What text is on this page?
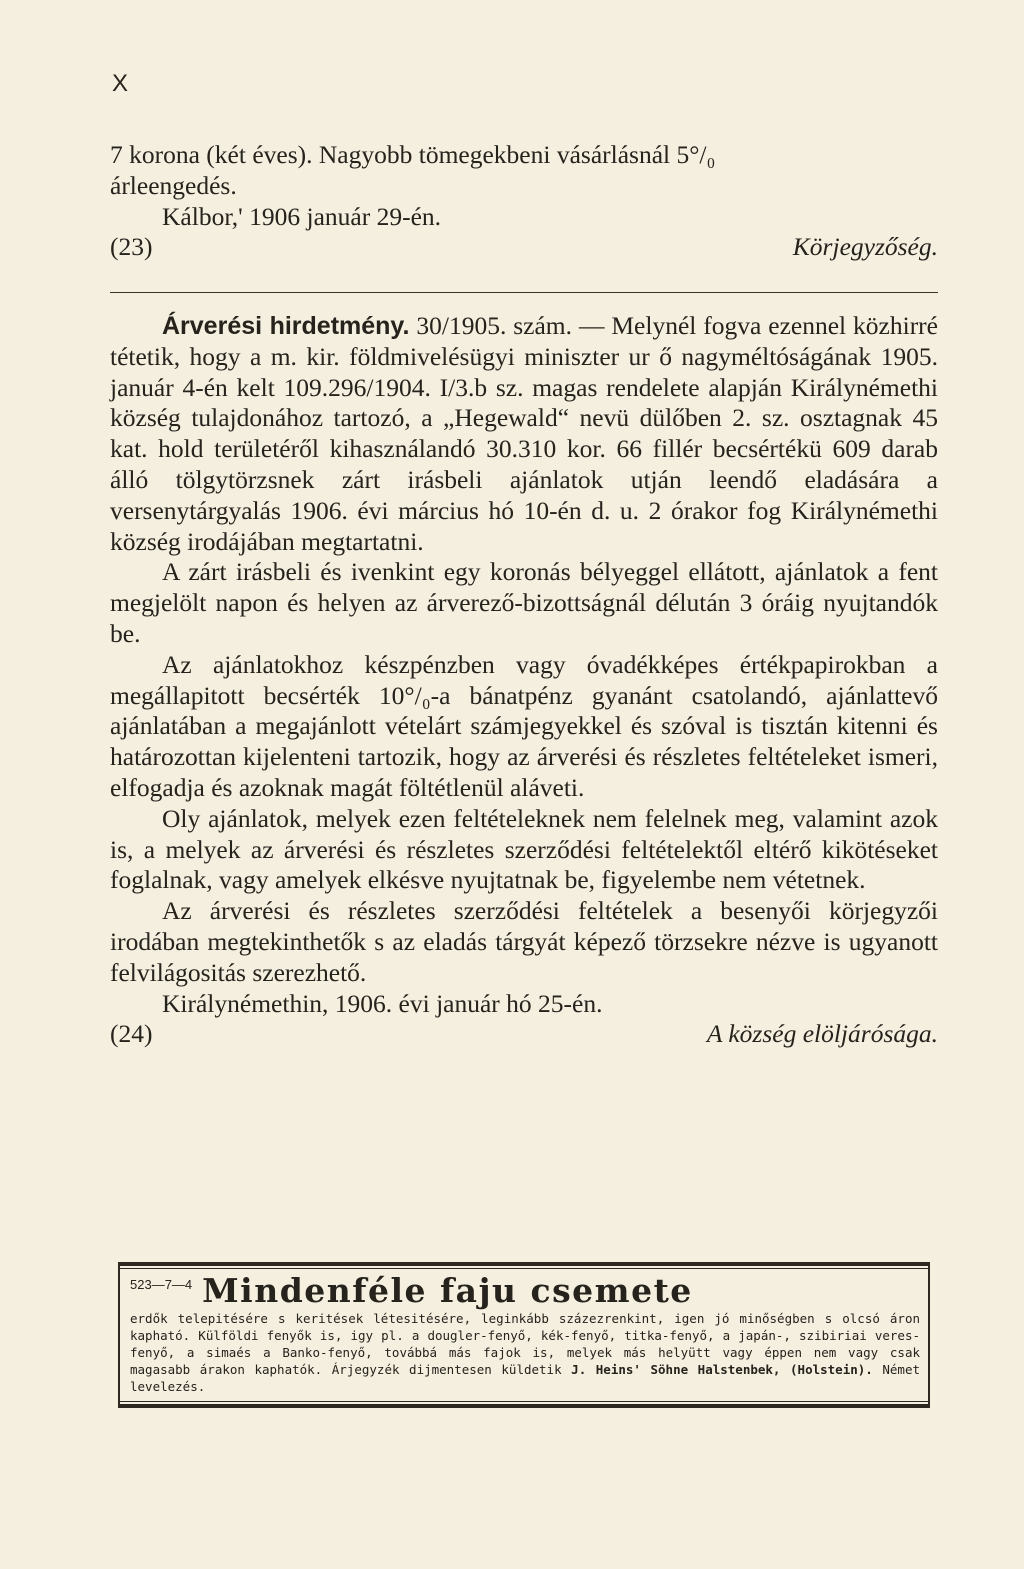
X

7 korona (két éves). Nagyobb tömegekbeni vásárlásnál 5°/₀

árleengedés.

Kálbor,' 1906 január 29-én.

(23)	Körjegyzőség.

Árverési hirdetmény. 30/1905. szám. — Melynél fogva ezennel közhirré tétetik, hogy a m. kir. földmivelésügyi miniszter ur ő nagyméltóságának 1905. január 4-én kelt 109.296/1904. I/3.b sz. magas rendelete alapján Királynémethi község tulajdonához tartozó, a „Hegewald“ nevü dülőben 2. sz. osztagnak 45 kat. hold területéről kihasználandó 30.310 kor. 66 fillér becsértékü 609 darab álló tölgytörzsnek zárt irásbeli ajánlatok utján leendő eladására a versenytárgyalás 1906. évi március hó 10-én d. u. 2 órakor fog Királynémethi község irodájában megtartatni.

A zárt irásbeli és ivenkint egy koronás bélyeggel ellátott, ajánlatok a fent megjelölt napon és helyen az árverező-bizottságnál délután 3 óráig nyujtandók be.

Az ajánlatokhoz készpénzben vagy óvadékképes értékpapirokban a megállapitott becsérték 10°/₀-a bánatpénz gyanánt csatolandó, ajánlattevő ajánlatában a megajánlott vételárt számjegyekkel és szóval is tisztán kitenni és határozottan kijelenteni tartozik, hogy az árverési és részletes feltételeket ismeri, elfogadja és azoknak magát föltétlenül aláveti.

Oly ajánlatok, melyek ezen feltételeknek nem felelnek meg, valamint azok is, a melyek az árverési és részletes szerződési feltételektől eltérő kikötéseket foglalnak, vagy amelyek elkésve nyujtatnak be, figyelembe nem vétetnek.

Az árverési és részletes szerződési feltételek a besenyői körjegyzői irodában megtekinthetők s az eladás tárgyát képező törzsekre nézve is ugyanott felvilágositás szerezhető.

Királynémethin, 1906. évi január hó 25-én.

(24)	A község elöljárósága.
523—7—4 Mindenféle faju csemete

erdők telepitésére s keritések létesitésére, leginkább százezrenkint, igen jó minőségben s olcsó áron kapható. Külföldi fenyők is, igy pl. a dougler-fenyő, kék-fenyő, titka-fenyő, a japán-, szibiriai veres-fenyő, a simaés a Banko-fenyő, továbbá más fajok is, melyek más helyütt vagy éppen nem vagy csak magasabb árakon kaphatók. Árjegyzék dijmentesen küldetik J. Heins' Söhne Halstenbek, (Holstein). Német levelezés.
